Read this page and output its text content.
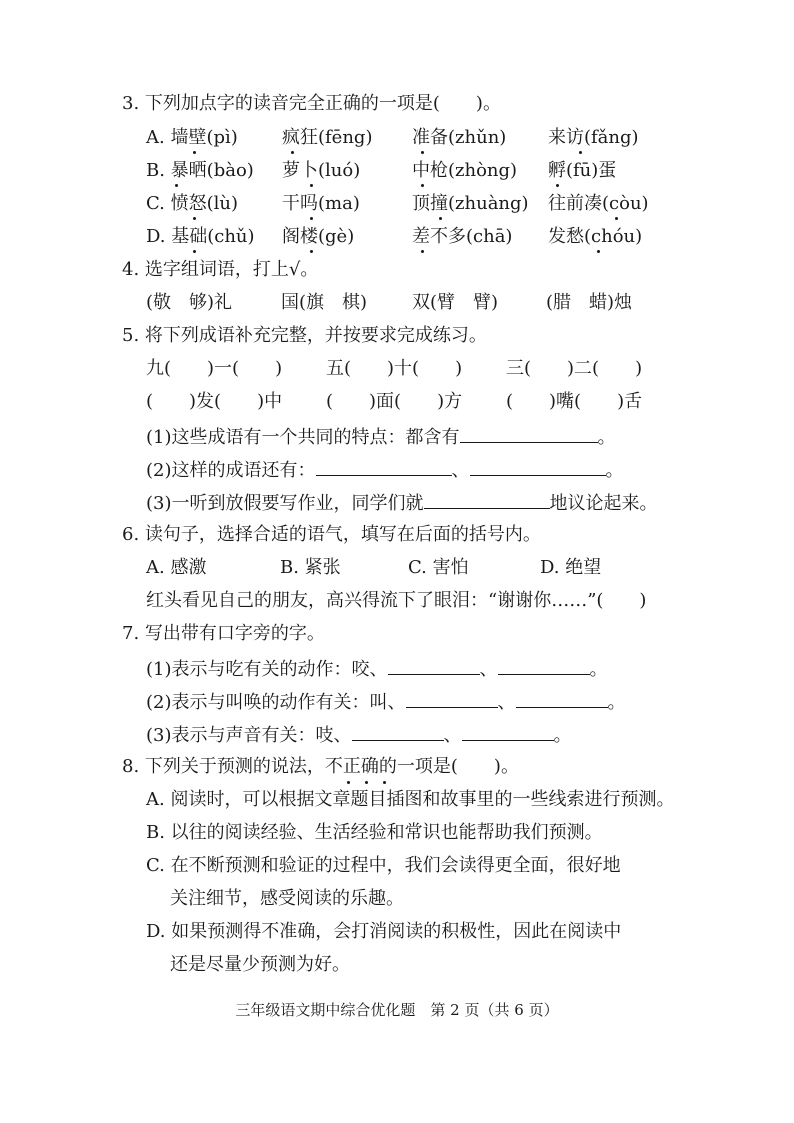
3. 下列加点字的读音完全正确的一项是(　　)。
A. 墙壁(pì) 疯狂(fēng) 准备(zhǔn) 来访(fǎng)
B. 暴晒(bào) 萝卜(luó)	中枪(zhòng) 孵(fū)蛋
C. 愤怒(lù) 干吗(ma)	顶撞(zhuàng) 往前凑(còu)
D. 基础(chǔ) 阁楼(gè)	差不多(chā) 发愁(chóu)
4. 选字组词语，打上√。
(敬　够)礼	国(旗　棋) 双(臂　臂)	(腊　蜡)烛
5. 将下列成语补充完整，并按要求完成练习。
九(　　)一(　　) 五(　　)十(　　) 三(　　)二(　　)
(　　)发(　　)中 (　　)面(　　)方 (　　)嘴(　　)舌
(1)这些成语有一个共同的特点：都含有	。
(2)这样的成语还有：	、	。
(3)一听到放假要写作业，同学们就	地议论起来。
6. 读句子，选择合适的语气，填写在后面的括号内。
A. 感激	B. 紧张	C. 害怕	D. 绝望
红头看见自己的朋友，高兴得流下了眼泪：“谢谢你……”(　　)
7. 写出带有口字旁的字。
(1)表示与吃有关的动作：咬、	、	。
(2)表示与叫唤的动作有关：叫、	、	。
(3)表示与声音有关：吱、	、	。
8. 下列关于预测的说法，不正确的一项是(　　)。
A. 阅读时，可以根据文章题目插图和故事里的一些线索进行预测。
B. 以往的阅读经验、生活经验和常识也能帮助我们预测。
C. 在不断预测和验证的过程中，我们会读得更全面，很好地
关注细节，感受阅读的乐趣。
D. 如果预测得不准确，会打消阅读的积极性，因此在阅读中
还是尽量少预测为好。
三年级语文期中综合优化题　第 2 页（共 6 页）
